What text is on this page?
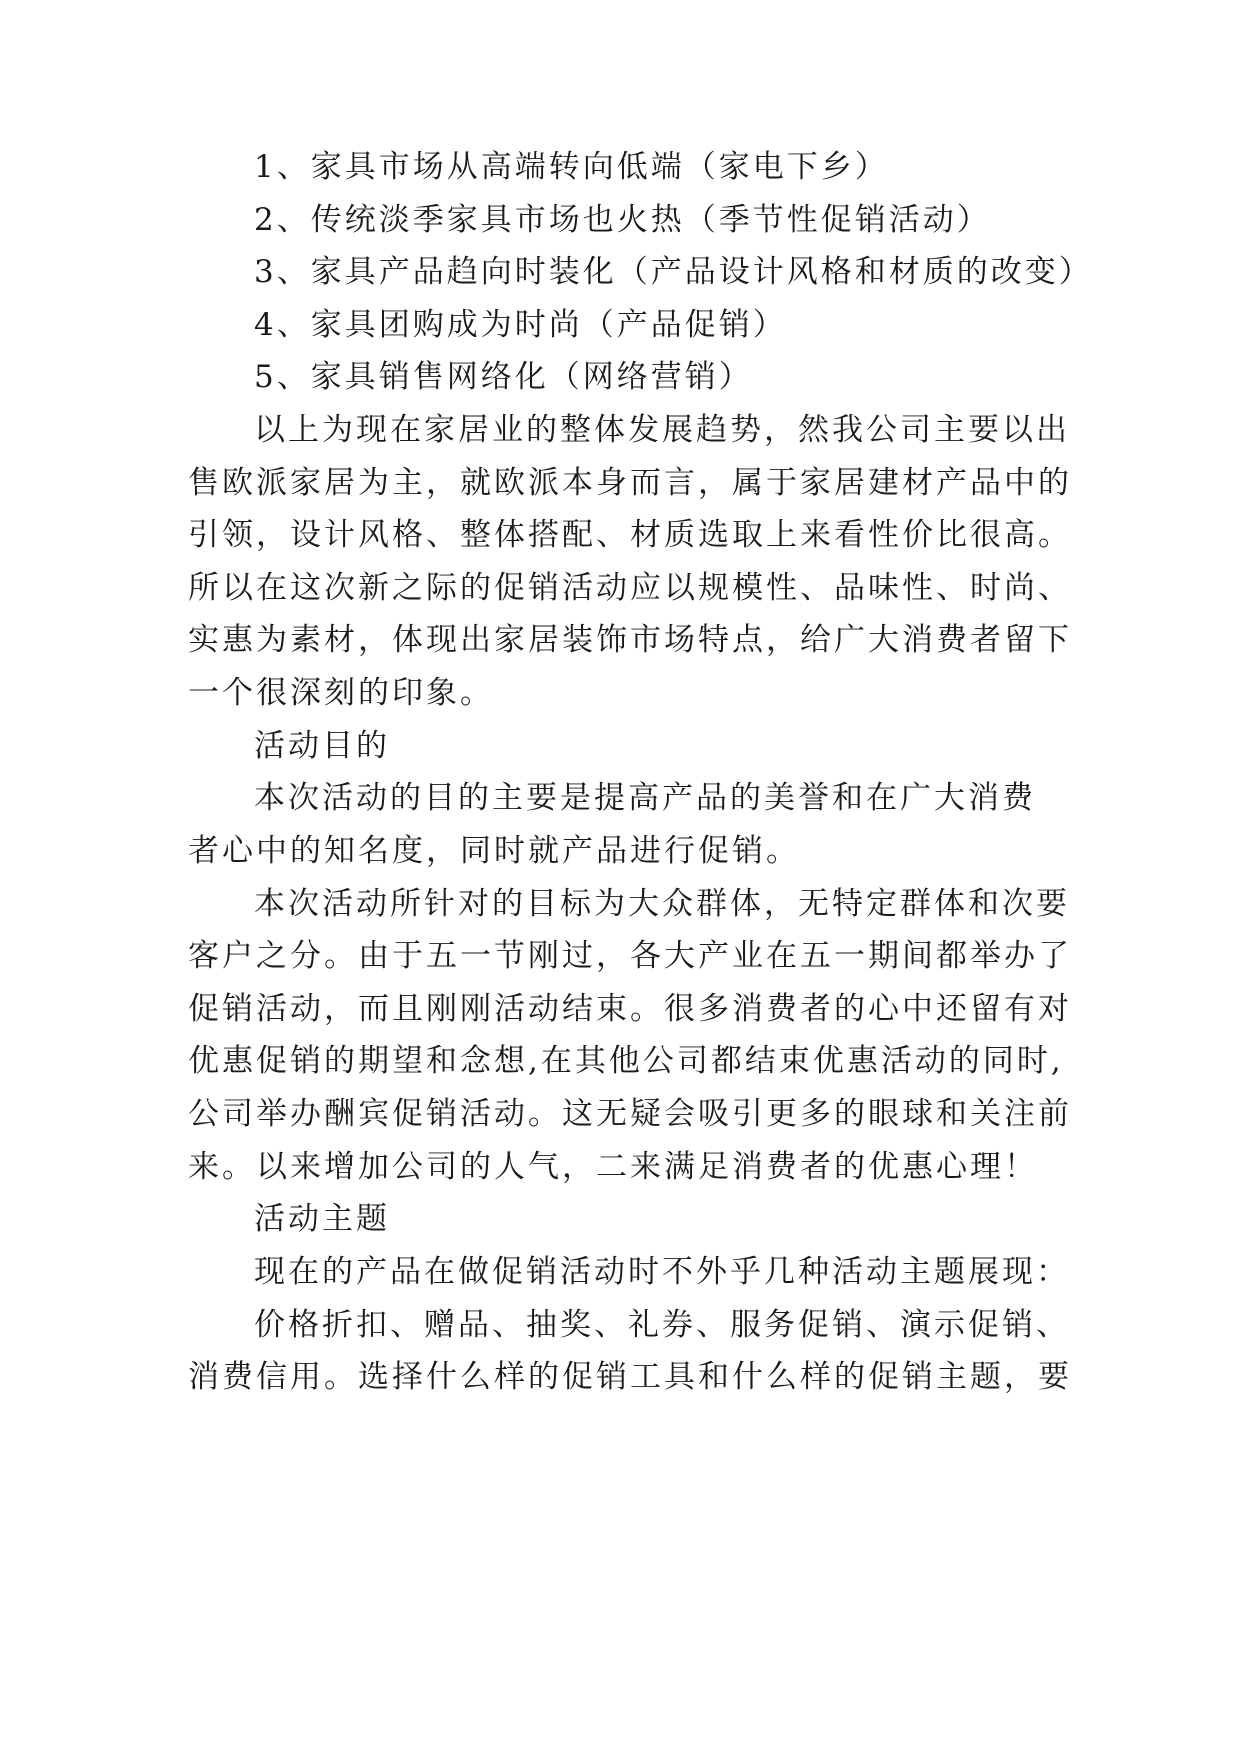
1、家具市场从高端转向低端（家电下乡）
2、传统淡季家具市场也火热（季节性促销活动）
3、家具产品趋向时装化（产品设计风格和材质的改变）
4、家具团购成为时尚（产品促销）
5、家具销售网络化（网络营销）
以上为现在家居业的整体发展趋势，然我公司主要以出
售欧派家居为主，就欧派本身而言，属于家居建材产品中的
引领，设计风格、整体搭配、材质选取上来看性价比很高。
所以在这次新之际的促销活动应以规模性、品味性、时尚、
实惠为素材，体现出家居装饰市场特点，给广大消费者留下
一个很深刻的印象。
活动目的
本次活动的目的主要是提高产品的美誉和在广大消费
者心中的知名度，同时就产品进行促销。
本次活动所针对的目标为大众群体，无特定群体和次要
客户之分。由于五一节刚过，各大产业在五一期间都举办了
促销活动，而且刚刚活动结束。很多消费者的心中还留有对
优惠促销的期望和念想,在其他公司都结束优惠活动的同时,
公司举办酬宾促销活动。这无疑会吸引更多的眼球和关注前
来。以来增加公司的人气，二来满足消费者的优惠心理！
活动主题
现在的产品在做促销活动时不外乎几种活动主题展现：
价格折扣、赠品、抽奖、礼券、服务促销、演示促销、
消费信用。选择什么样的促销工具和什么样的促销主题，要
